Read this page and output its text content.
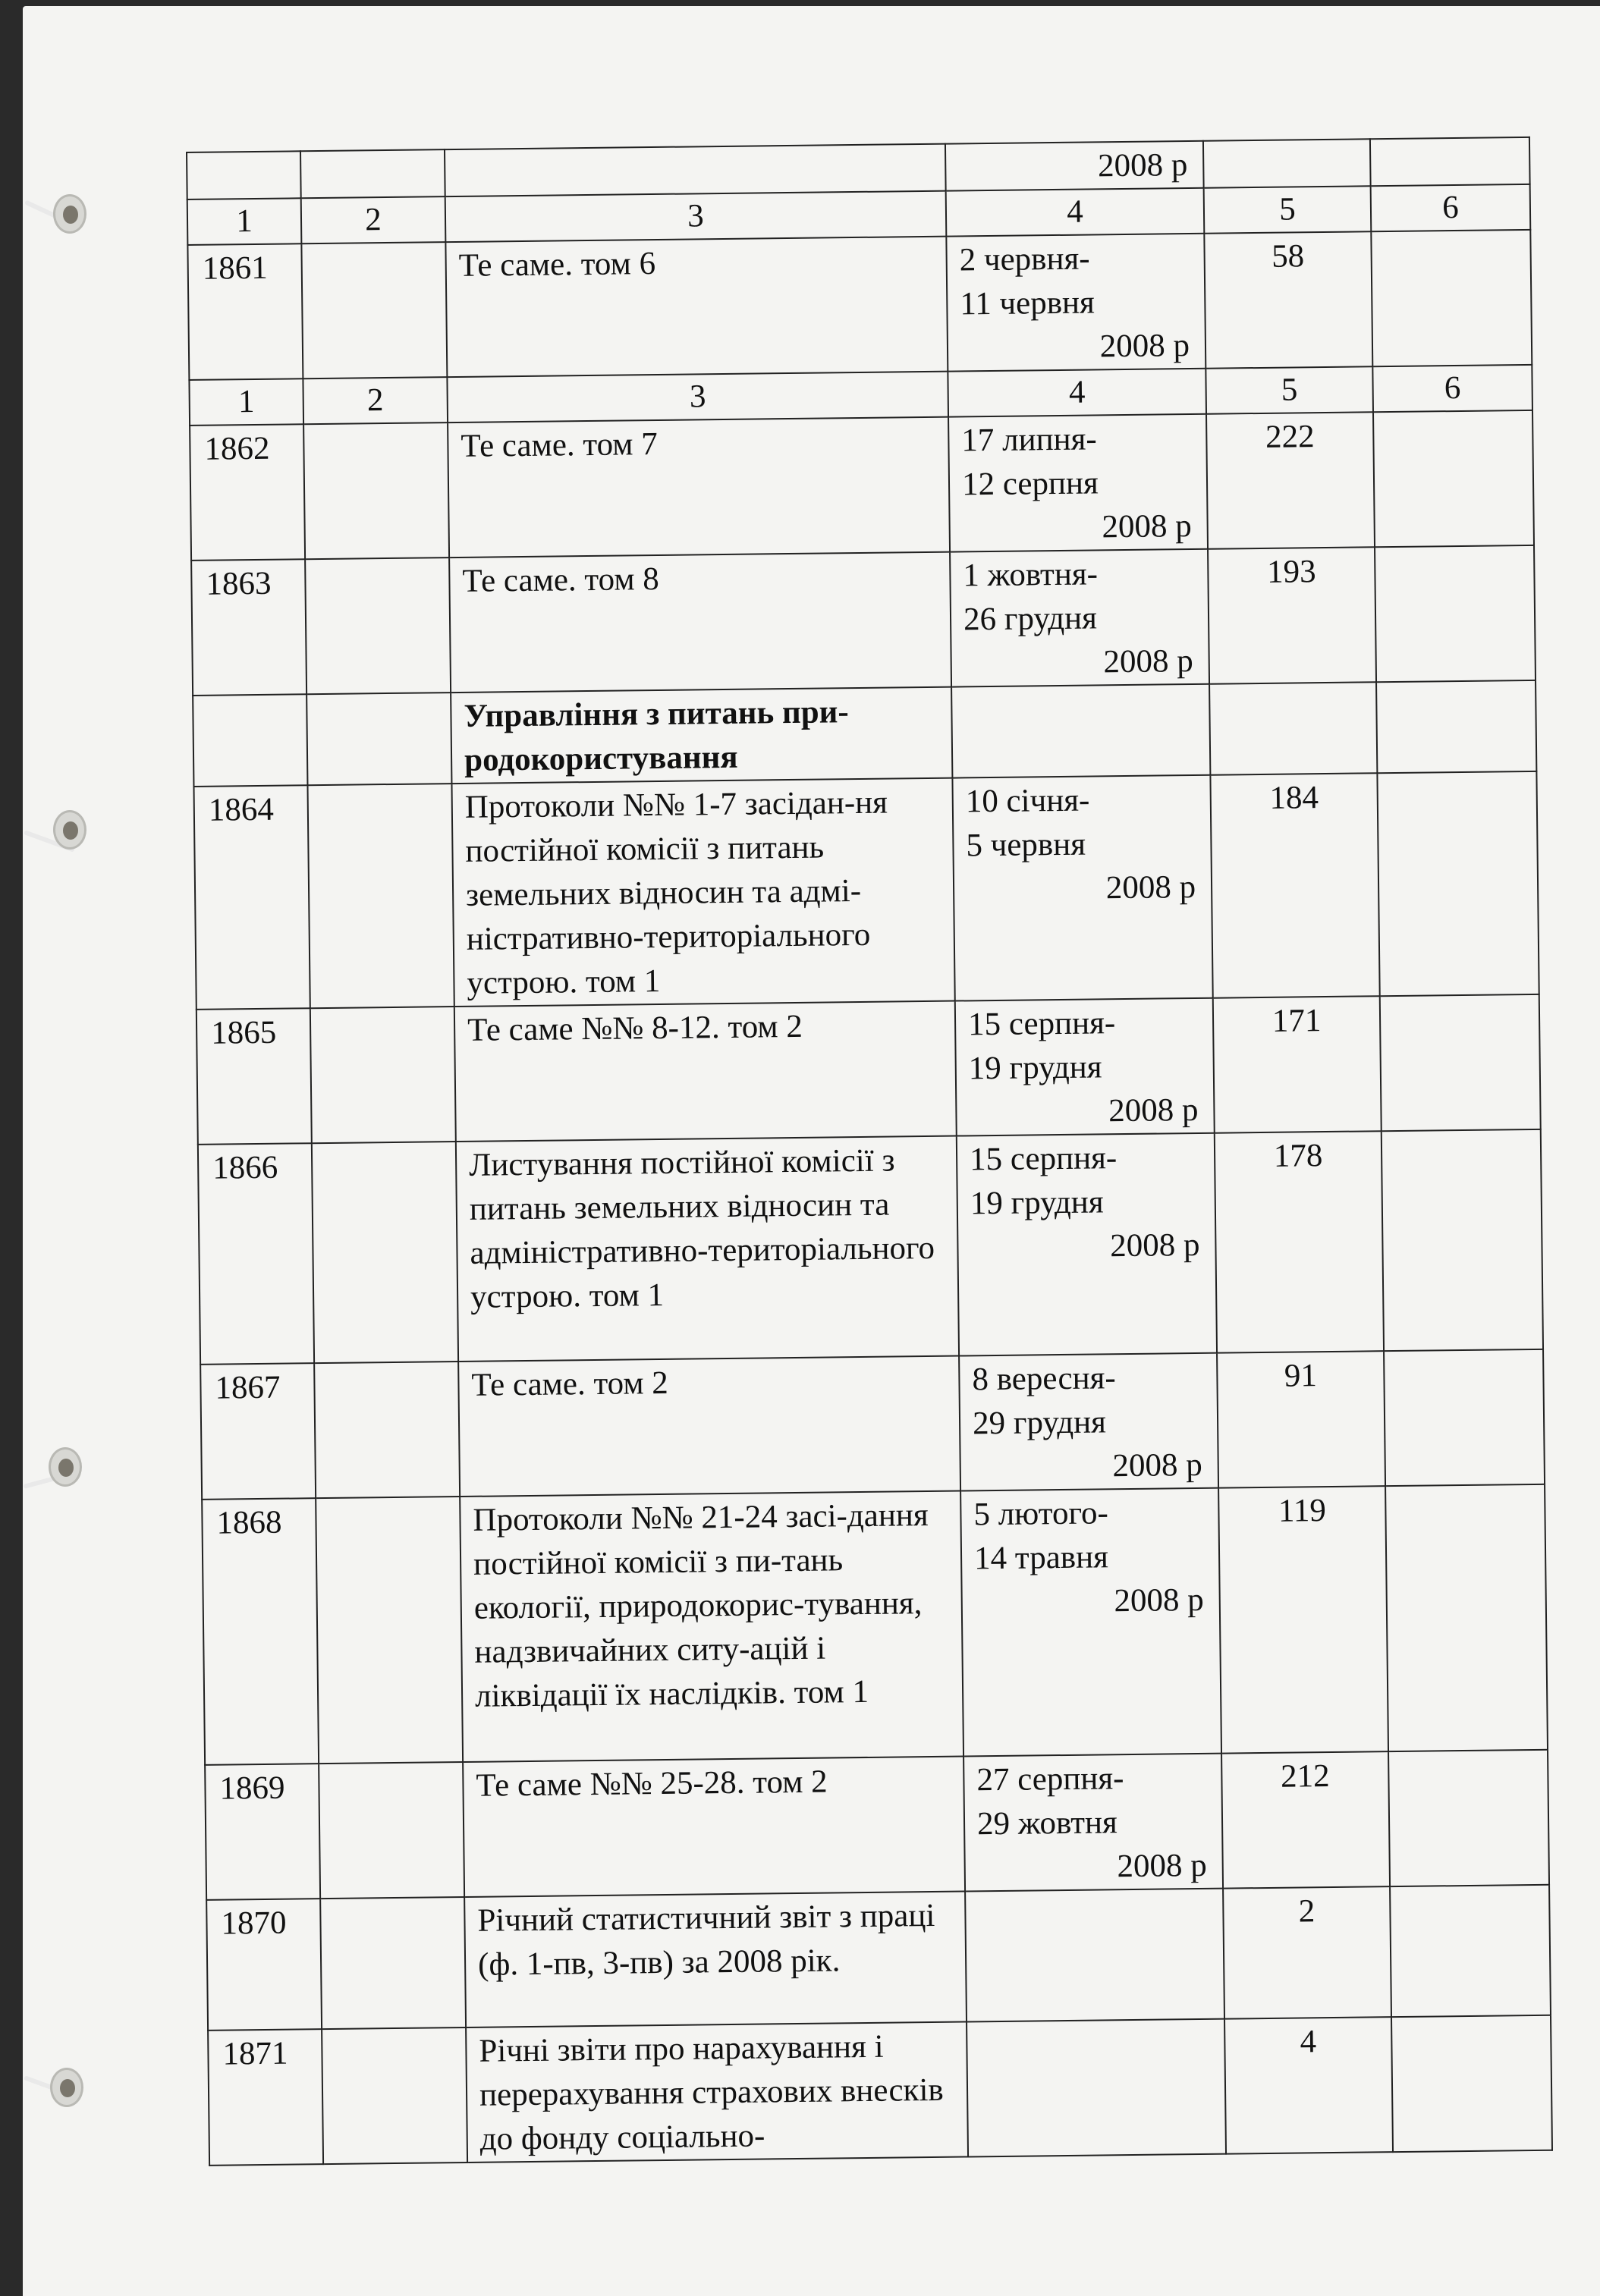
			2008 р		

1	2	3	4	5	6
1861		Те саме. том 6	2 червня-
11 червня
2008 р	58	
1	2	3	4	5	6
1862		Те саме. том 7	17 липня-
12 серпня
2008 р	222	
1863		Те саме. том 8	1 жовтня-
26 грудня
2008 р	193	
		Управління з питань при-родокористування			
1864		Протоколи №№ 1-7 засідан-ня постійної комісії з питань земельних відносин та адмі-ністративно-територіального устрою. том 1	10 січня-
5 червня
2008 р	184	
1865		Те саме №№ 8-12. том 2	15 серпня-
19 грудня
2008 р	171	
1866		Листування постійної комісії з питань земельних відносин та адміністративно-територіального устрою. том 1	15 серпня-
19 грудня
2008 р	178	
1867		Те саме. том 2	8 вересня-
29 грудня
2008 р	91	
1868		Протоколи №№ 21-24 засі-дання постійної комісії з пи-тань екології, природокорис-тування, надзвичайних ситу-ацій і ліквідації їх наслідків. том 1	5 лютого-
14 травня
2008 р	119	
1869		Те саме №№ 25-28. том 2	27 серпня-
29 жовтня
2008 р	212	
1870		Річний статистичний звіт з праці (ф. 1-пв, 3-пв) за 2008 рік.		2	
1871		Річні звіти про нарахування і перерахування страхових внесків до фонду соціально-		4	
